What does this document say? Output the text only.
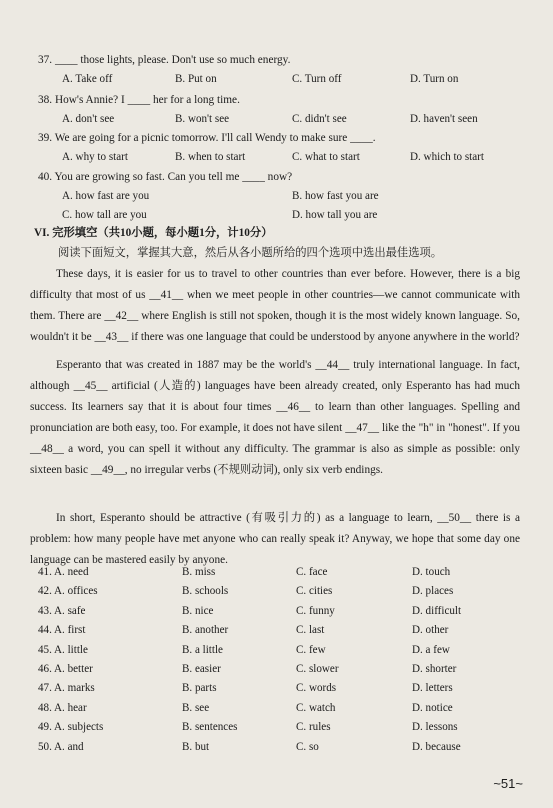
37. ____ those lights, please. Don't use so much energy.
A. Take off	B. Put on	C. Turn off	D. Turn on
38. How's Annie? I ____ her for a long time.
A. don't see	B. won't see	C. didn't see	D. haven't seen
39. We are going for a picnic tomorrow. I'll call Wendy to make sure ____.
A. why to start	B. when to start	C. what to start	D. which to start
40. You are growing so fast. Can you tell me ____ now?
A. how fast are you	B. how fast you are
C. how tall are you	D. how tall you are
VI. 完形填空（共10小题，每小题1分，计10分）
阅读下面短文，掌握其大意，然后从各小题所给的四个选项中选出最佳选项。
These days, it is easier for us to travel to other countries than ever before. However, there is a big difficulty that most of us __41__ when we meet people in other countries—we cannot communicate with them. There are __42__ where English is still not spoken, though it is the most widely known language. So, wouldn't it be __43__ if there was one language that could be understood by anyone anywhere in the world?
Esperanto that was created in 1887 may be the world's __44__ truly international language. In fact, although __45__ artificial (人造的) languages have been already created, only Esperanto has had much success. Its learners say that it is about four times __46__ to learn than other languages. Spelling and pronunciation are both easy, too. For example, it does not have silent __47__ like the "h" in "honest". If you __48__ a word, you can spell it without any difficulty. The grammar is also as simple as possible: only sixteen basic __49__, no irregular verbs (不规则动词), only six verb endings.
In short, Esperanto should be attractive (有吸引力的) as a language to learn, __50__ there is a problem: how many people have met anyone who can really speak it? Anyway, we hope that some day one language can be mastered easily by anyone.
41. A. need	B. miss	C. face	D. touch
42. A. offices	B. schools	C. cities	D. places
43. A. safe	B. nice	C. funny	D. difficult
44. A. first	B. another	C. last	D. other
45. A. little	B. a little	C. few	D. a few
46. A. better	B. easier	C. slower	D. shorter
47. A. marks	B. parts	C. words	D. letters
48. A. hear	B. see	C. watch	D. notice
49. A. subjects	B. sentences	C. rules	D. lessons
50. A. and	B. but	C. so	D. because
~51~
